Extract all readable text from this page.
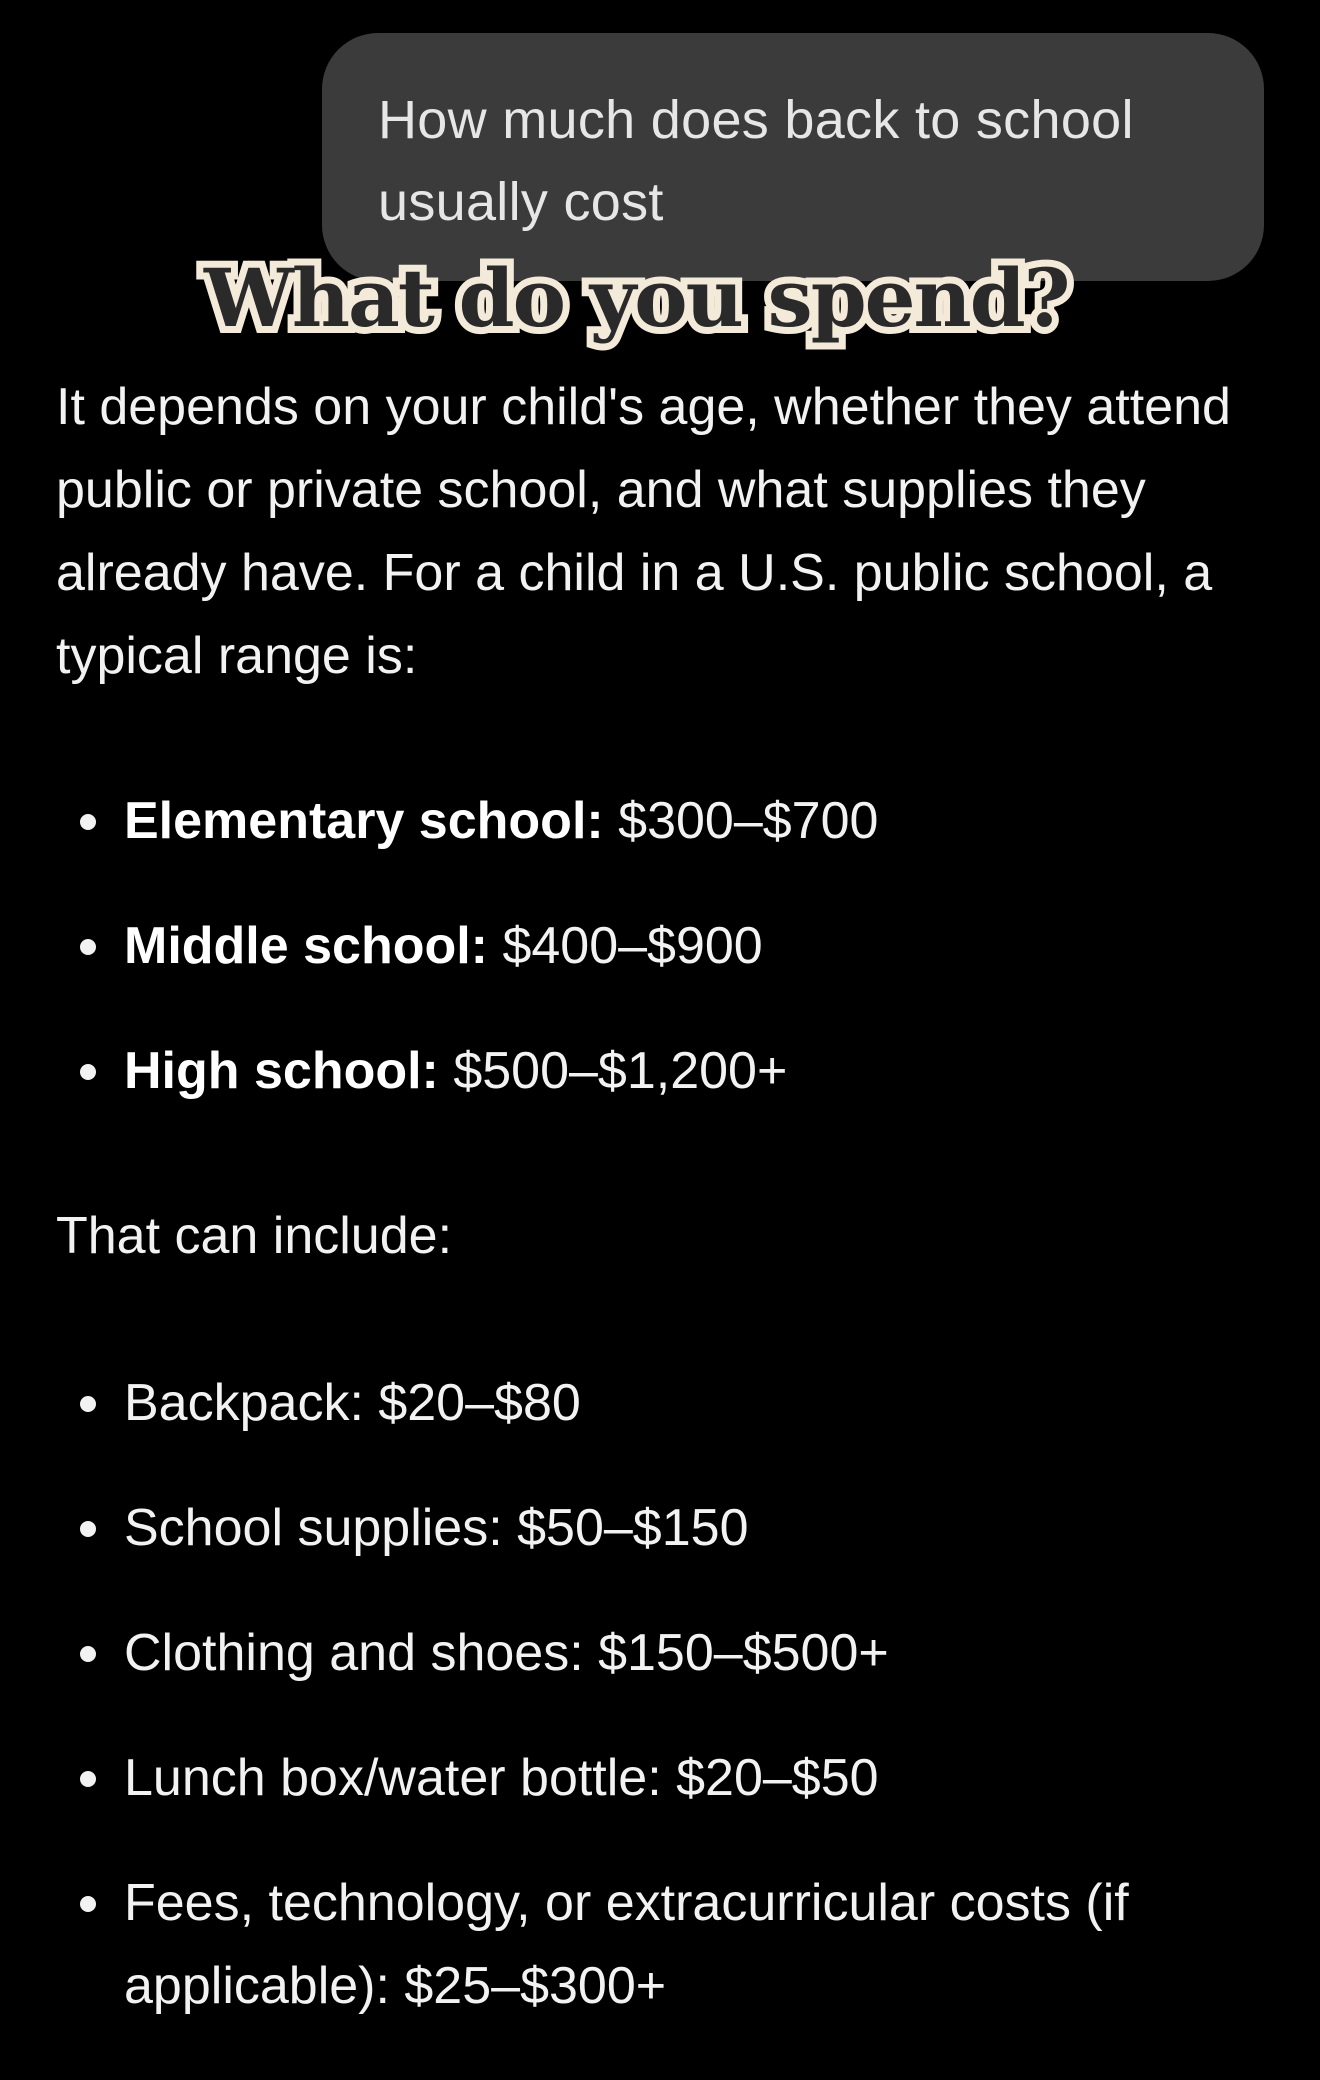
How much does back to school usually cost
It depends on your child's age, whether they attend public or private school, and what supplies they already have. For a child in a U.S. public school, a typical range is:
Elementary school: $300–$700
Middle school: $400–$900
High school: $500–$1,200+
That can include:
Backpack: $20–$80
School supplies: $50–$150
Clothing and shoes: $150–$500+
Lunch box/water bottle: $20–$50
Fees, technology, or extracurricular costs (if applicable): $25–$300+
What do you spend?
